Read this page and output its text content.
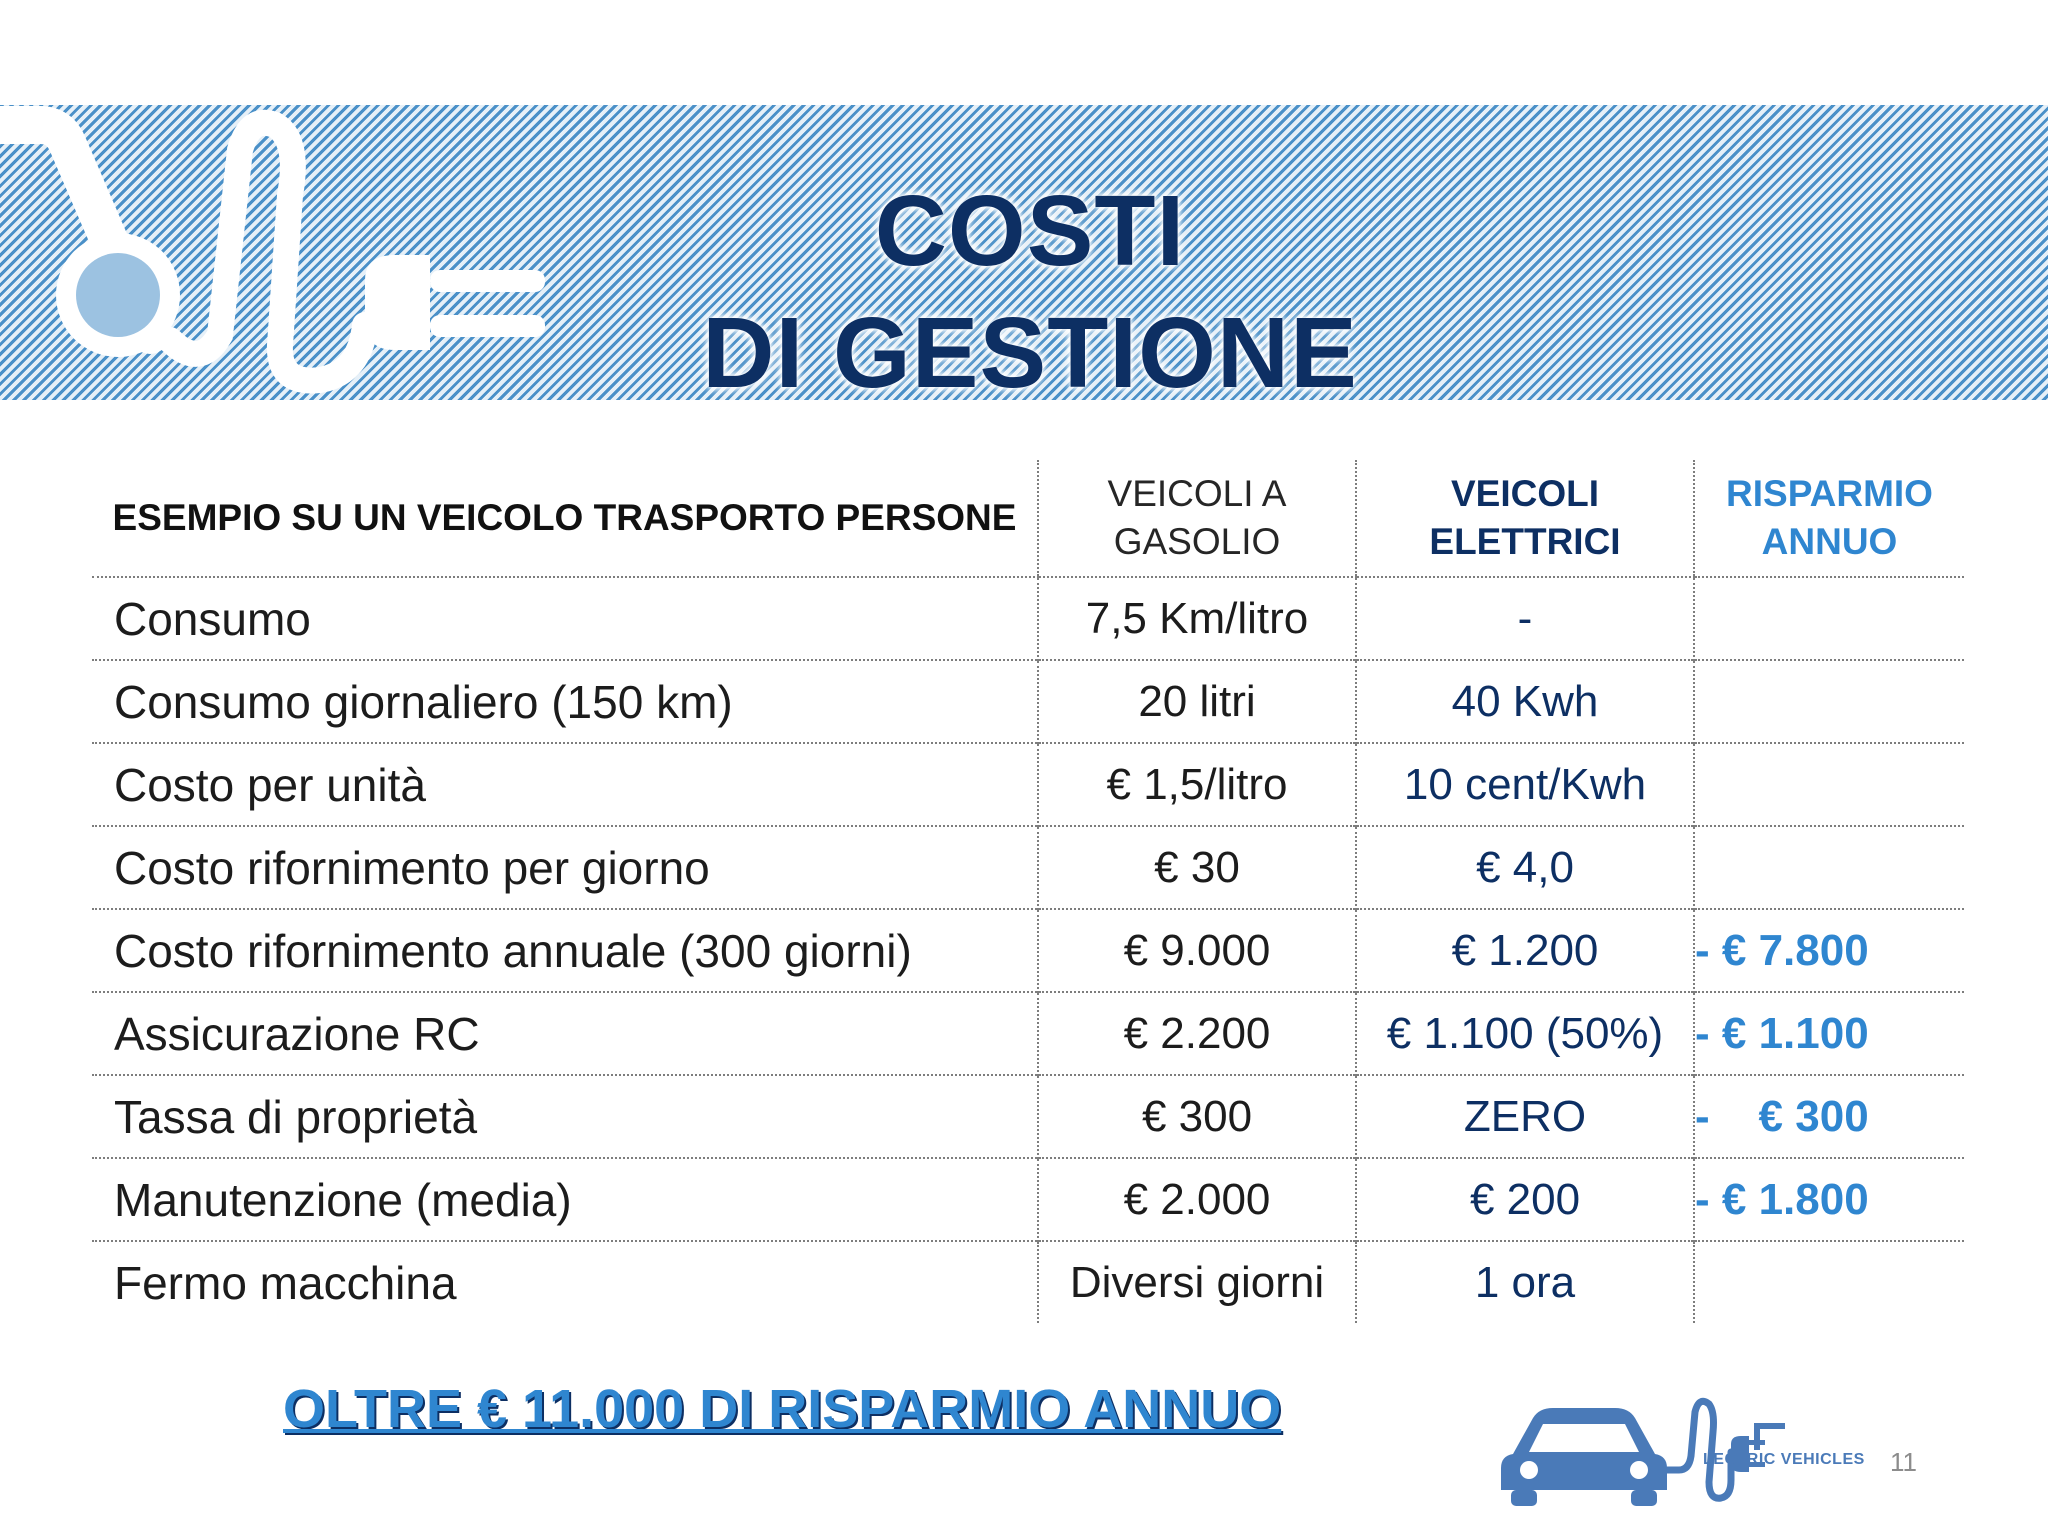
COSTI
DI GESTIONE
ESEMPIO SU UN VEICOLO TRASPORTO PERSONE	VEICOLI A GASOLIO	VEICOLI ELETTRICI	RISPARMIO ANNUO
Consumo	7,5 Km/litro	-	
Consumo giornaliero (150 km)	20 litri	40 Kwh	
Costo per unità	€ 1,5/litro	10 cent/Kwh	
Costo rifornimento per giorno	€ 30	€ 4,0	
Costo rifornimento annuale (300 giorni)	€ 9.000	€ 1.200	- € 7.800
Assicurazione RC	€ 2.200	€ 1.100 (50%)	- € 1.100
Tassa di proprietà	€ 300	ZERO	-    € 300
Manutenzione (media)	€ 2.000	€ 200	- € 1.800
Fermo macchina	Diversi giorni	1 ora	
OLTRE € 11.000 DI RISPARMIO ANNUO
LECTRIC VEHICLES 11
